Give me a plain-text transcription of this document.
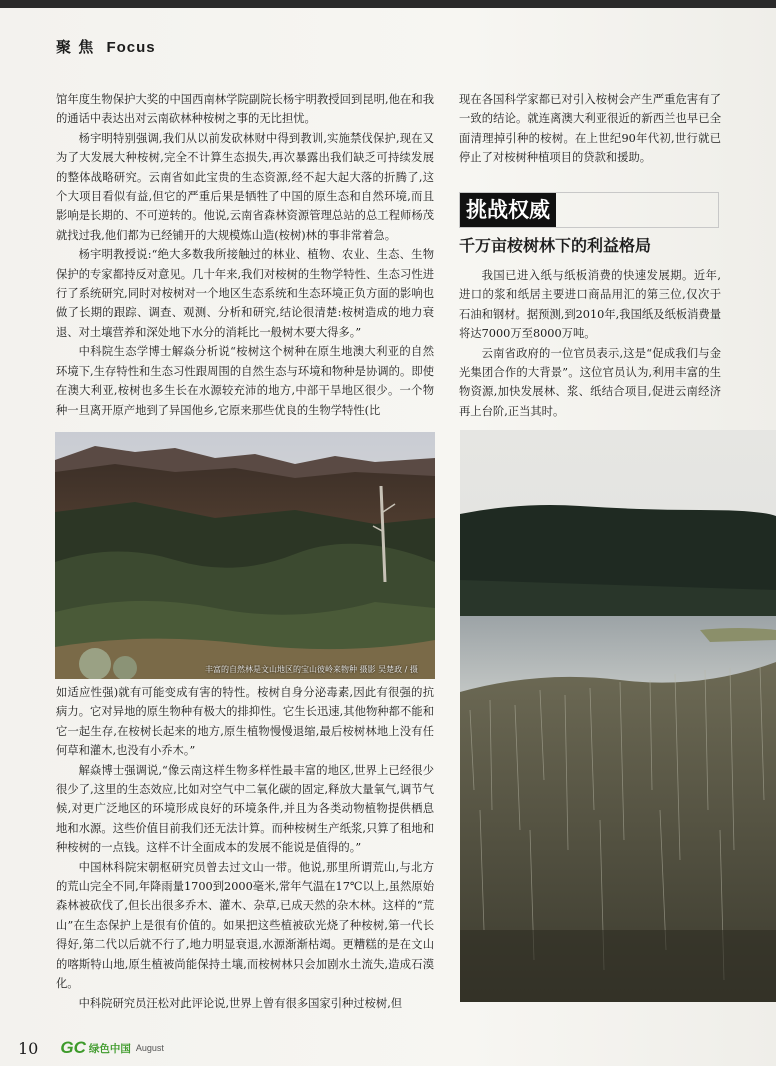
聚 焦 Focus

馆年度生物保护大奖的中国西南林学院副院长杨宇明教授回到昆明,他在和我的通话中表达出对云南砍林种桉树之事的无比担忧。

杨宇明特别强调,我们从以前发砍林财中得到教训,实施禁伐保护,现在又为了大发展大种桉树,完全不计算生态损失,再次暴露出我们缺乏可持续发展的整体战略研究。云南省如此宝贵的生态资源,经不起大起大落的折腾了,这个大项目看似有益,但它的严重后果是牺牲了中国的原生态和自然环境,而且影响是长期的、不可逆转的。他说,云南省森林资源管理总站的总工程师杨茂就找过我,他们都为已经铺开的大规模炼山造(桉树)林的事非常着急。

杨宇明教授说:“绝大多数我所接触过的林业、植物、农业、生态、生物保护的专家都持反对意见。几十年来,我们对桉树的生物学特性、生态习性进行了系统研究,同时对桉树对一个地区生态系统和生态环境正负方面的影响也做了长期的跟踪、调查、观测、分析和研究,结论很清楚:桉树造成的地力衰退、对土壤营养和深处地下水分的消耗比一般树木要大得多。”

中科院生态学博士解焱分析说“桉树这个树种在原生地澳大利亚的自然环境下,生存特性和生态习性跟周围的自然生态与环境和物种是协调的。即使在澳大利亚,桉树也多生长在水源较充沛的地方,中部干旱地区很少。一个物种一旦离开原产地到了异国他乡,它原来那些优良的生物学特性(比

丰富的自然林是文山地区的宝山彼岭来物种 摄影 吴楚政 / 摄

如适应性强)就有可能变成有害的特性。桉树自身分泌毒素,因此有很强的抗病力。它对异地的原生物种有极大的排抑性。它生长迅速,其他物种都不能和它一起生存,在桉树长起来的地方,原生植物慢慢退缩,最后桉树林地上没有任何草和灌木,也没有小乔木。”

解焱博士强调说,“像云南这样生物多样性最丰富的地区,世界上已经很少很少了,这里的生态效应,比如对空气中二氧化碳的固定,释放大量氧气,调节气候,对更广泛地区的环境形成良好的环境条件,并且为各类动物植物提供栖息地和水源。这些价值目前我们还无法计算。而种桉树生产纸浆,只算了租地和种桉树的一点钱。这样不计全面成本的发展不能说是值得的。”

中国林科院宋朝枢研究员曾去过文山一带。他说,那里所谓荒山,与北方的荒山完全不同,年降雨量1700到2000毫米,常年气温在17℃以上,虽然原始森林被砍伐了,但长出很多乔木、灌木、杂草,已成天然的杂木林。这样的“荒山”在生态保护上是很有价值的。如果把这些植被砍光烧了种桉树,第一代长得好,第二代以后就不行了,地力明显衰退,水源渐渐枯竭。更糟糕的是在文山的喀斯特山地,原生植被尚能保持土壤,而桉树林只会加剧水土流失,造成石漠化。

中科院研究员汪松对此评论说,世界上曾有很多国家引种过桉树,但

现在各国科学家都已对引入桉树会产生严重危害有了一致的结论。就连离澳大利亚很近的新西兰也早已全面清理掉引种的桉树。在上世纪90年代初,世行就已停止了对桉树种植项目的贷款和援助。

挑战权威
千万亩桉树林下的利益格局

我国已进入纸与纸板消费的快速发展期。近年,进口的浆和纸居主要进口商品用汇的第三位,仅次于石油和钢材。据预测,到2010年,我国纸及纸板消费量将达7000万至8000万吨。

云南省政府的一位官员表示,这是“促成我们与金光集团合作的大背景”。这位官员认为,利用丰富的生物资源,加快发展林、浆、纸结合项目,促进云南经济再上台阶,正当其时。

10 GC 绿色中国 August
